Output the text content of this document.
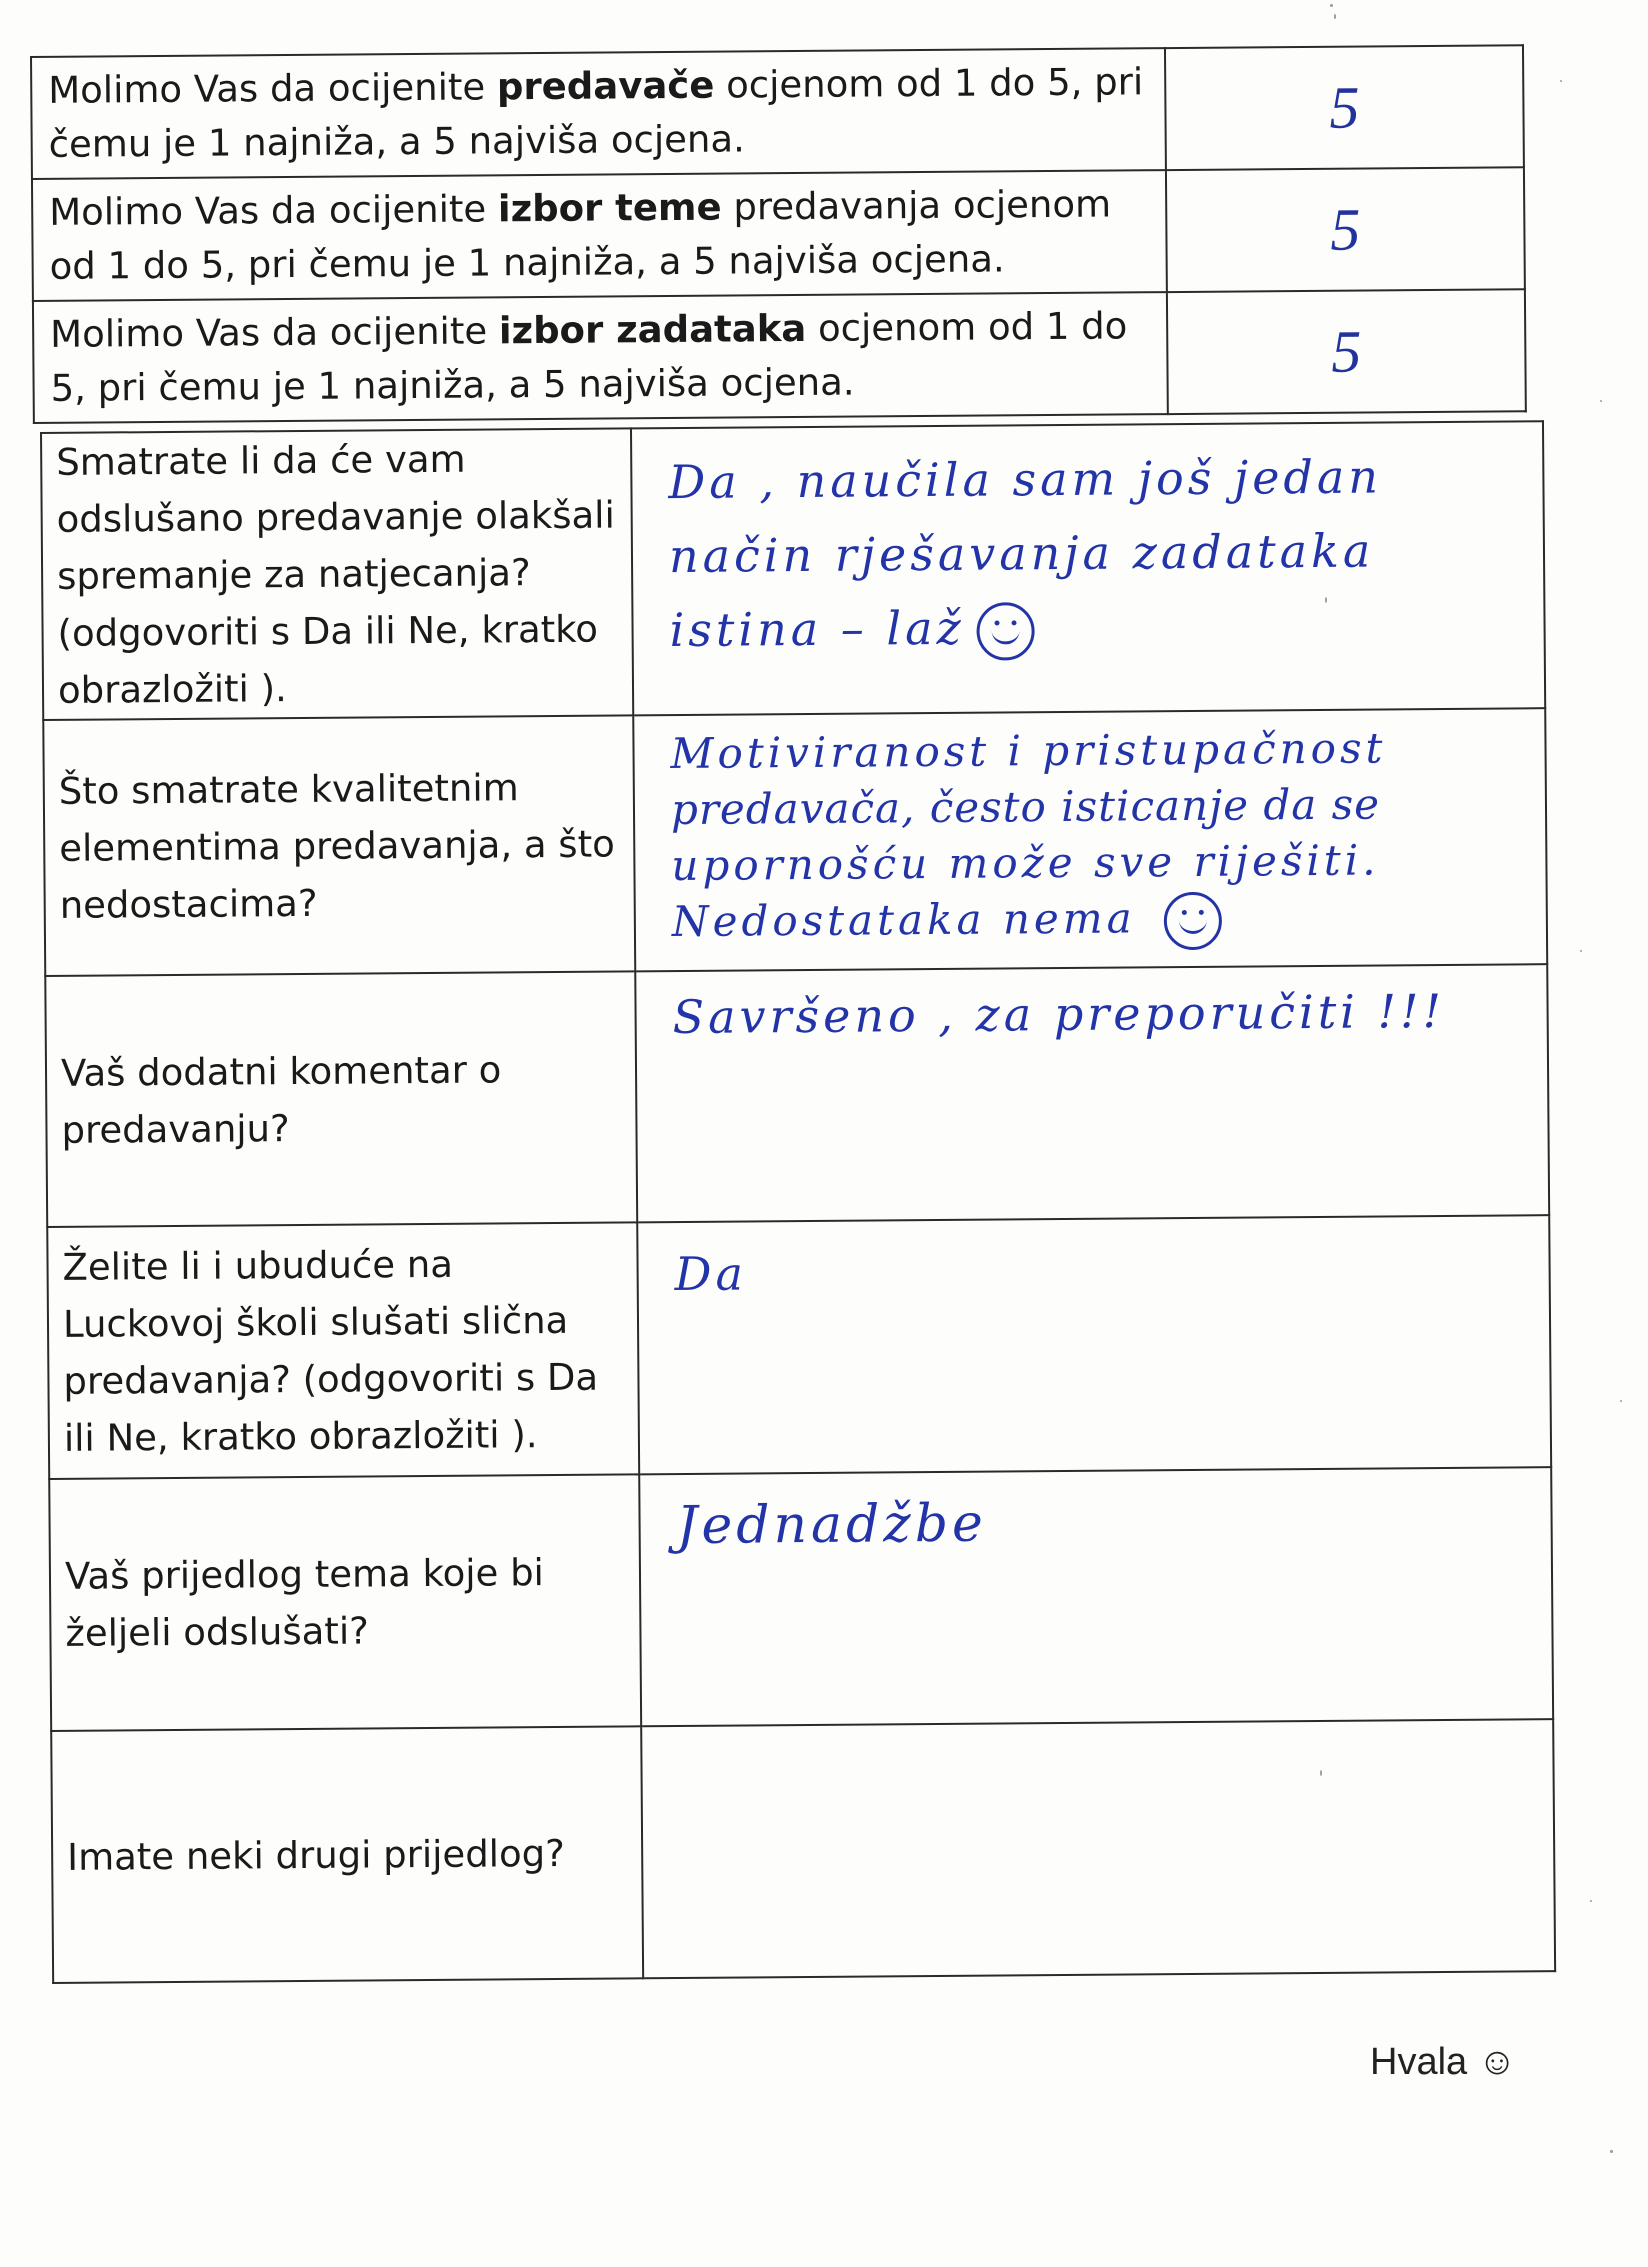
Molimo Vas da ocijenite predavače ocjenom od 1 do 5, pri čemu je 1 najniža, a 5 najviša ocjena.	5
Molimo Vas da ocijenite izbor teme predavanja ocjenom od 1 do 5, pri čemu je 1 najniža, a 5 najviša ocjena.	5
Molimo Vas da ocijenite izbor zadataka ocjenom od 1 do 5, pri čemu je 1 najniža, a 5 najviša ocjena.	5
Smatrate li da će vam odslušano predavanje olakšali spremanje za natjecanja? (odgovoriti s Da ili Ne, kratko obrazložiti ).	Da , naučila sam još jedan
način rješavanja zadataka
istina – laž

Što smatrate kvalitetnim elementima predavanja, a što nedostacima?	Motiviranost i pristupačnost
predavača, često isticanje da se
upornošću može sve riješiti.
Nedostataka nema

Vaš dodatni komentar o predavanju?	Savršeno , za preporučiti !!!

Želite li i ubuduće na Luckovoj školi slušati slična predavanja? (odgovoriti s Da ili Ne, kratko obrazložiti ).	Da

Vaš prijedlog tema koje bi željeli odslušati?	Jednadžbe

Imate neki drugi prijedlog?	
Hvala ☺
